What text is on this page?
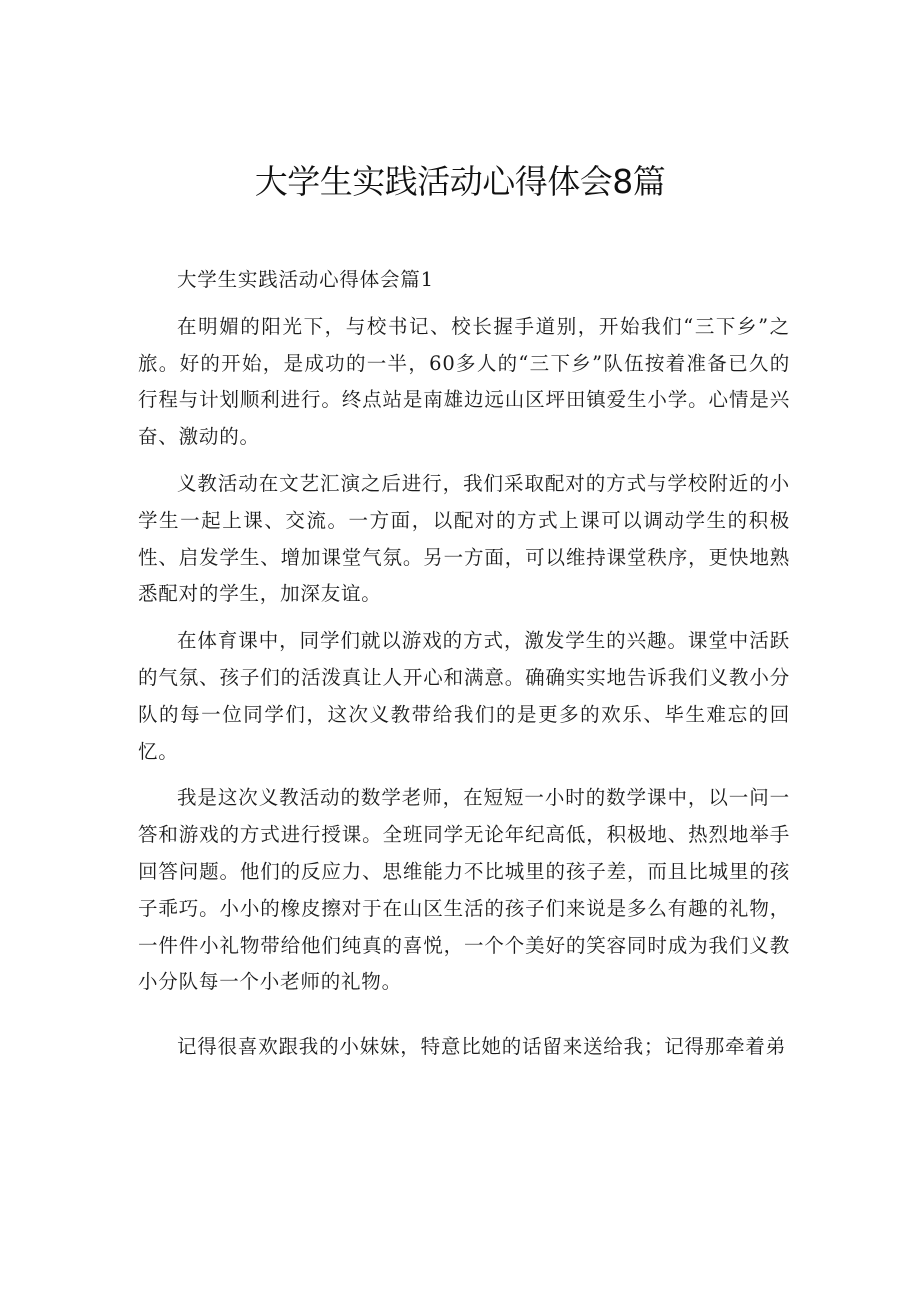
大学生实践活动心得体会8篇

大学生实践活动心得体会篇1

在明媚的阳光下，与校书记、校长握手道别，开始我们“三下乡”之旅。好的开始，是成功的一半，60多人的“三下乡”队伍按着准备已久的行程与计划顺利进行。终点站是南雄边远山区坪田镇爱生小学。心情是兴奋、激动的。

义教活动在文艺汇演之后进行，我们采取配对的方式与学校附近的小学生一起上课、交流。一方面，以配对的方式上课可以调动学生的积极性、启发学生、增加课堂气氛。另一方面，可以维持课堂秩序，更快地熟悉配对的学生，加深友谊。

在体育课中，同学们就以游戏的方式，激发学生的兴趣。课堂中活跃的气氛、孩子们的活泼真让人开心和满意。确确实实地告诉我们义教小分队的每一位同学们，这次义教带给我们的是更多的欢乐、毕生难忘的回忆。

我是这次义教活动的数学老师，在短短一小时的数学课中，以一问一答和游戏的方式进行授课。全班同学无论年纪高低，积极地、热烈地举手回答问题。他们的反应力、思维能力不比城里的孩子差，而且比城里的孩子乖巧。小小的橡皮擦对于在山区生活的孩子们来说是多么有趣的礼物，一件件小礼物带给他们纯真的喜悦，一个个美好的笑容同时成为我们义教小分队每一个小老师的礼物。

记得很喜欢跟我的小妹妹，特意比她的话留来送给我；记得那牵着弟
